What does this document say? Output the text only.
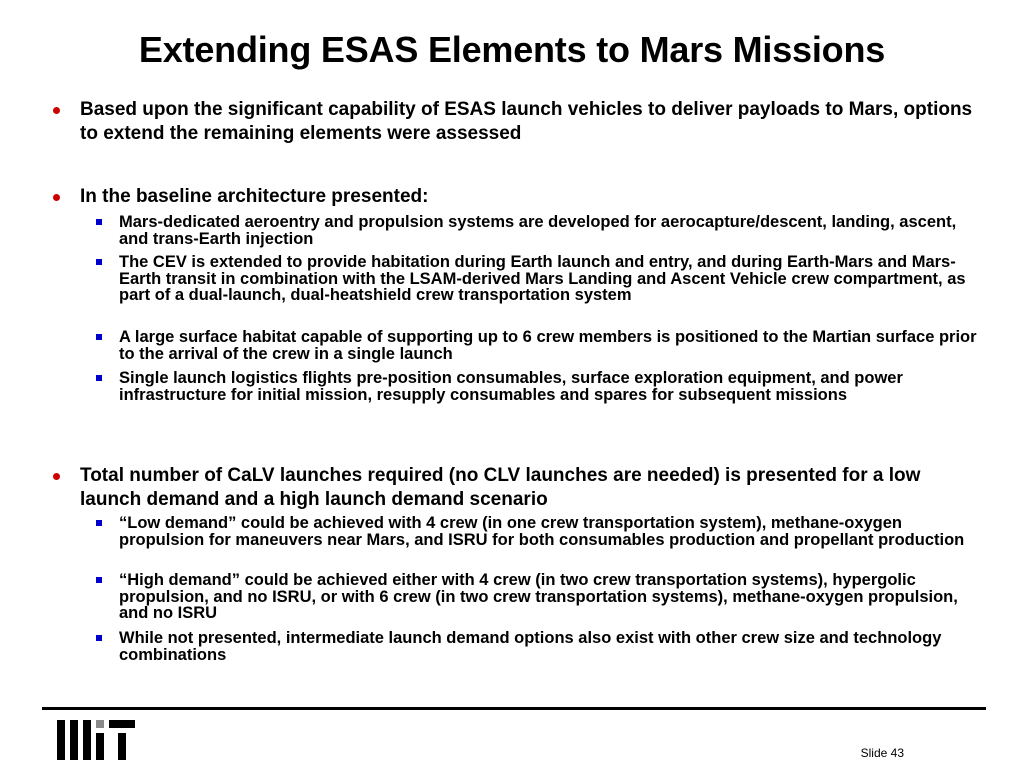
Extending ESAS Elements to Mars Missions
Based upon the significant capability of ESAS launch vehicles to deliver payloads to Mars, options to extend the remaining elements were assessed
In the baseline architecture presented:
Mars-dedicated aeroentry and propulsion systems are developed for aerocapture/descent, landing, ascent, and trans-Earth injection
The CEV is extended to provide habitation during Earth launch and entry, and during Earth-Mars and Mars-Earth transit in combination with the LSAM-derived Mars Landing and Ascent Vehicle crew compartment, as part of a dual-launch, dual-heatshield crew transportation system
A large surface habitat capable of supporting up to 6 crew members is positioned to the Martian surface prior to the arrival of the crew in a single launch
Single launch logistics flights pre-position consumables, surface exploration equipment, and power infrastructure for initial mission, resupply consumables and spares for subsequent missions
Total number of CaLV launches required (no CLV launches are needed) is presented for a low launch demand and a high launch demand scenario
“Low demand” could be achieved with 4 crew (in one crew transportation system), methane-oxygen propulsion for maneuvers near Mars, and ISRU for both consumables production and propellant production
“High demand” could be achieved either with 4 crew (in two crew transportation systems), hypergolic propulsion, and no ISRU, or with 6 crew (in two crew transportation systems), methane-oxygen propulsion, and no ISRU
While not presented, intermediate launch demand options also exist with other crew size and technology combinations
Slide 43
